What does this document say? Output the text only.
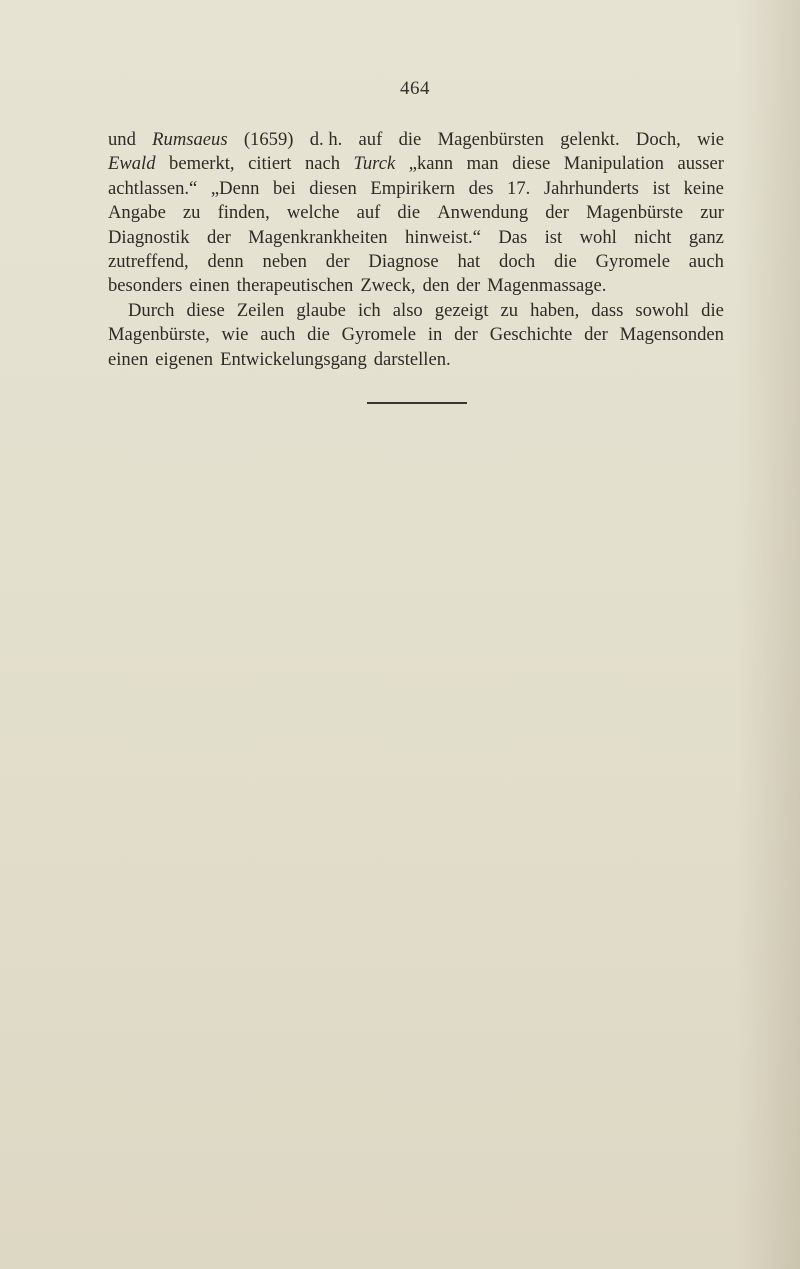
464
und Rumsaeus (1659) d. h. auf die Magenbürsten gelenkt. Doch, wie
Ewald bemerkt, citiert nach Turck „kann man diese Manipulation ausser
achtlassen.“ „Denn bei diesen Empirikern des 17. Jahrhunderts ist keine
Angabe zu finden, welche auf die Anwendung der Magenbürste zur
Diagnostik der Magenkrankheiten hinweist.“ Das ist wohl nicht ganz
zutreffend, denn neben der Diagnose hat doch die Gyromele auch
besonders einen therapeutischen Zweck, den der Magenmassage.
Durch diese Zeilen glaube ich also gezeigt zu haben, dass sowohl die
Magenbürste, wie auch die Gyromele in der Geschichte der Magensonden
einen eigenen Entwickelungsgang darstellen.
